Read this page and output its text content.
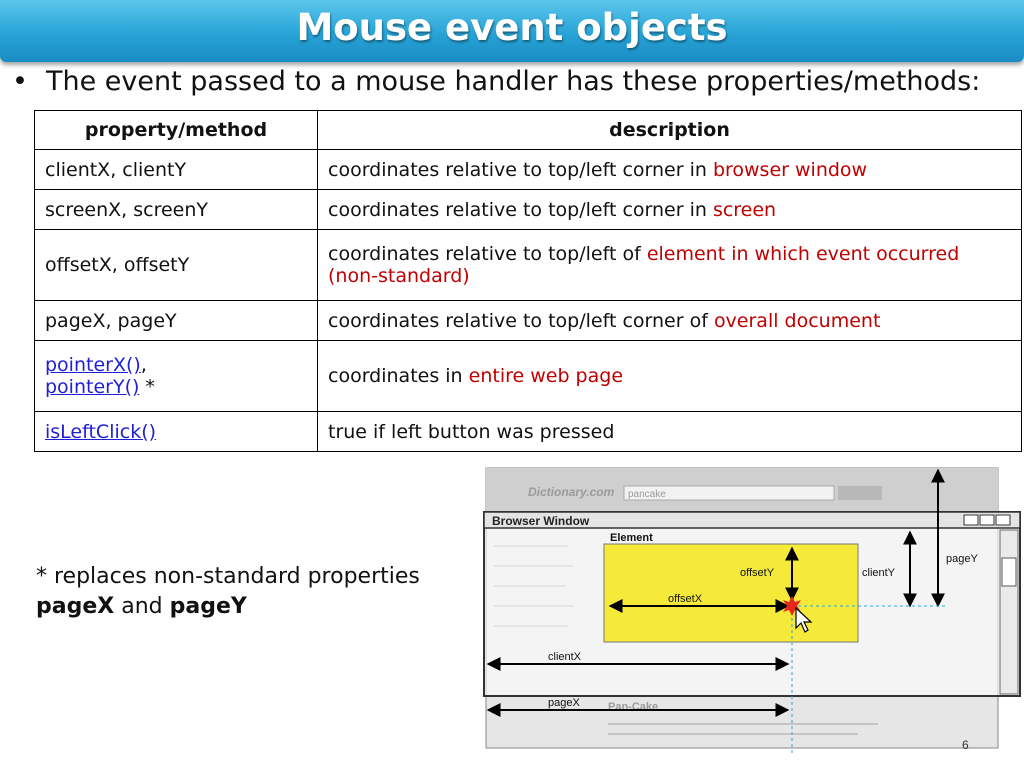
Mouse event objects
• The event passed to a mouse handler has these properties/methods:
property/method	description
clientX, clientY	coordinates relative to top/left corner in browser window
screenX, screenY	coordinates relative to top/left corner in screen
offsetX, offsetY	coordinates relative to top/left of element in which event occurred (non-standard)
pageX, pageY	coordinates relative to top/left corner of overall document
pointerX(),
pointerY() *	coordinates in entire web page
isLeftClick()	true if left button was pressed
* replaces non-standard properties
pageX and pageY
Dictionary.com pancake
Pan-Cake
Browser Window
Element
offsetY
offsetX
clientY
pageY
clientX
pageX
6
